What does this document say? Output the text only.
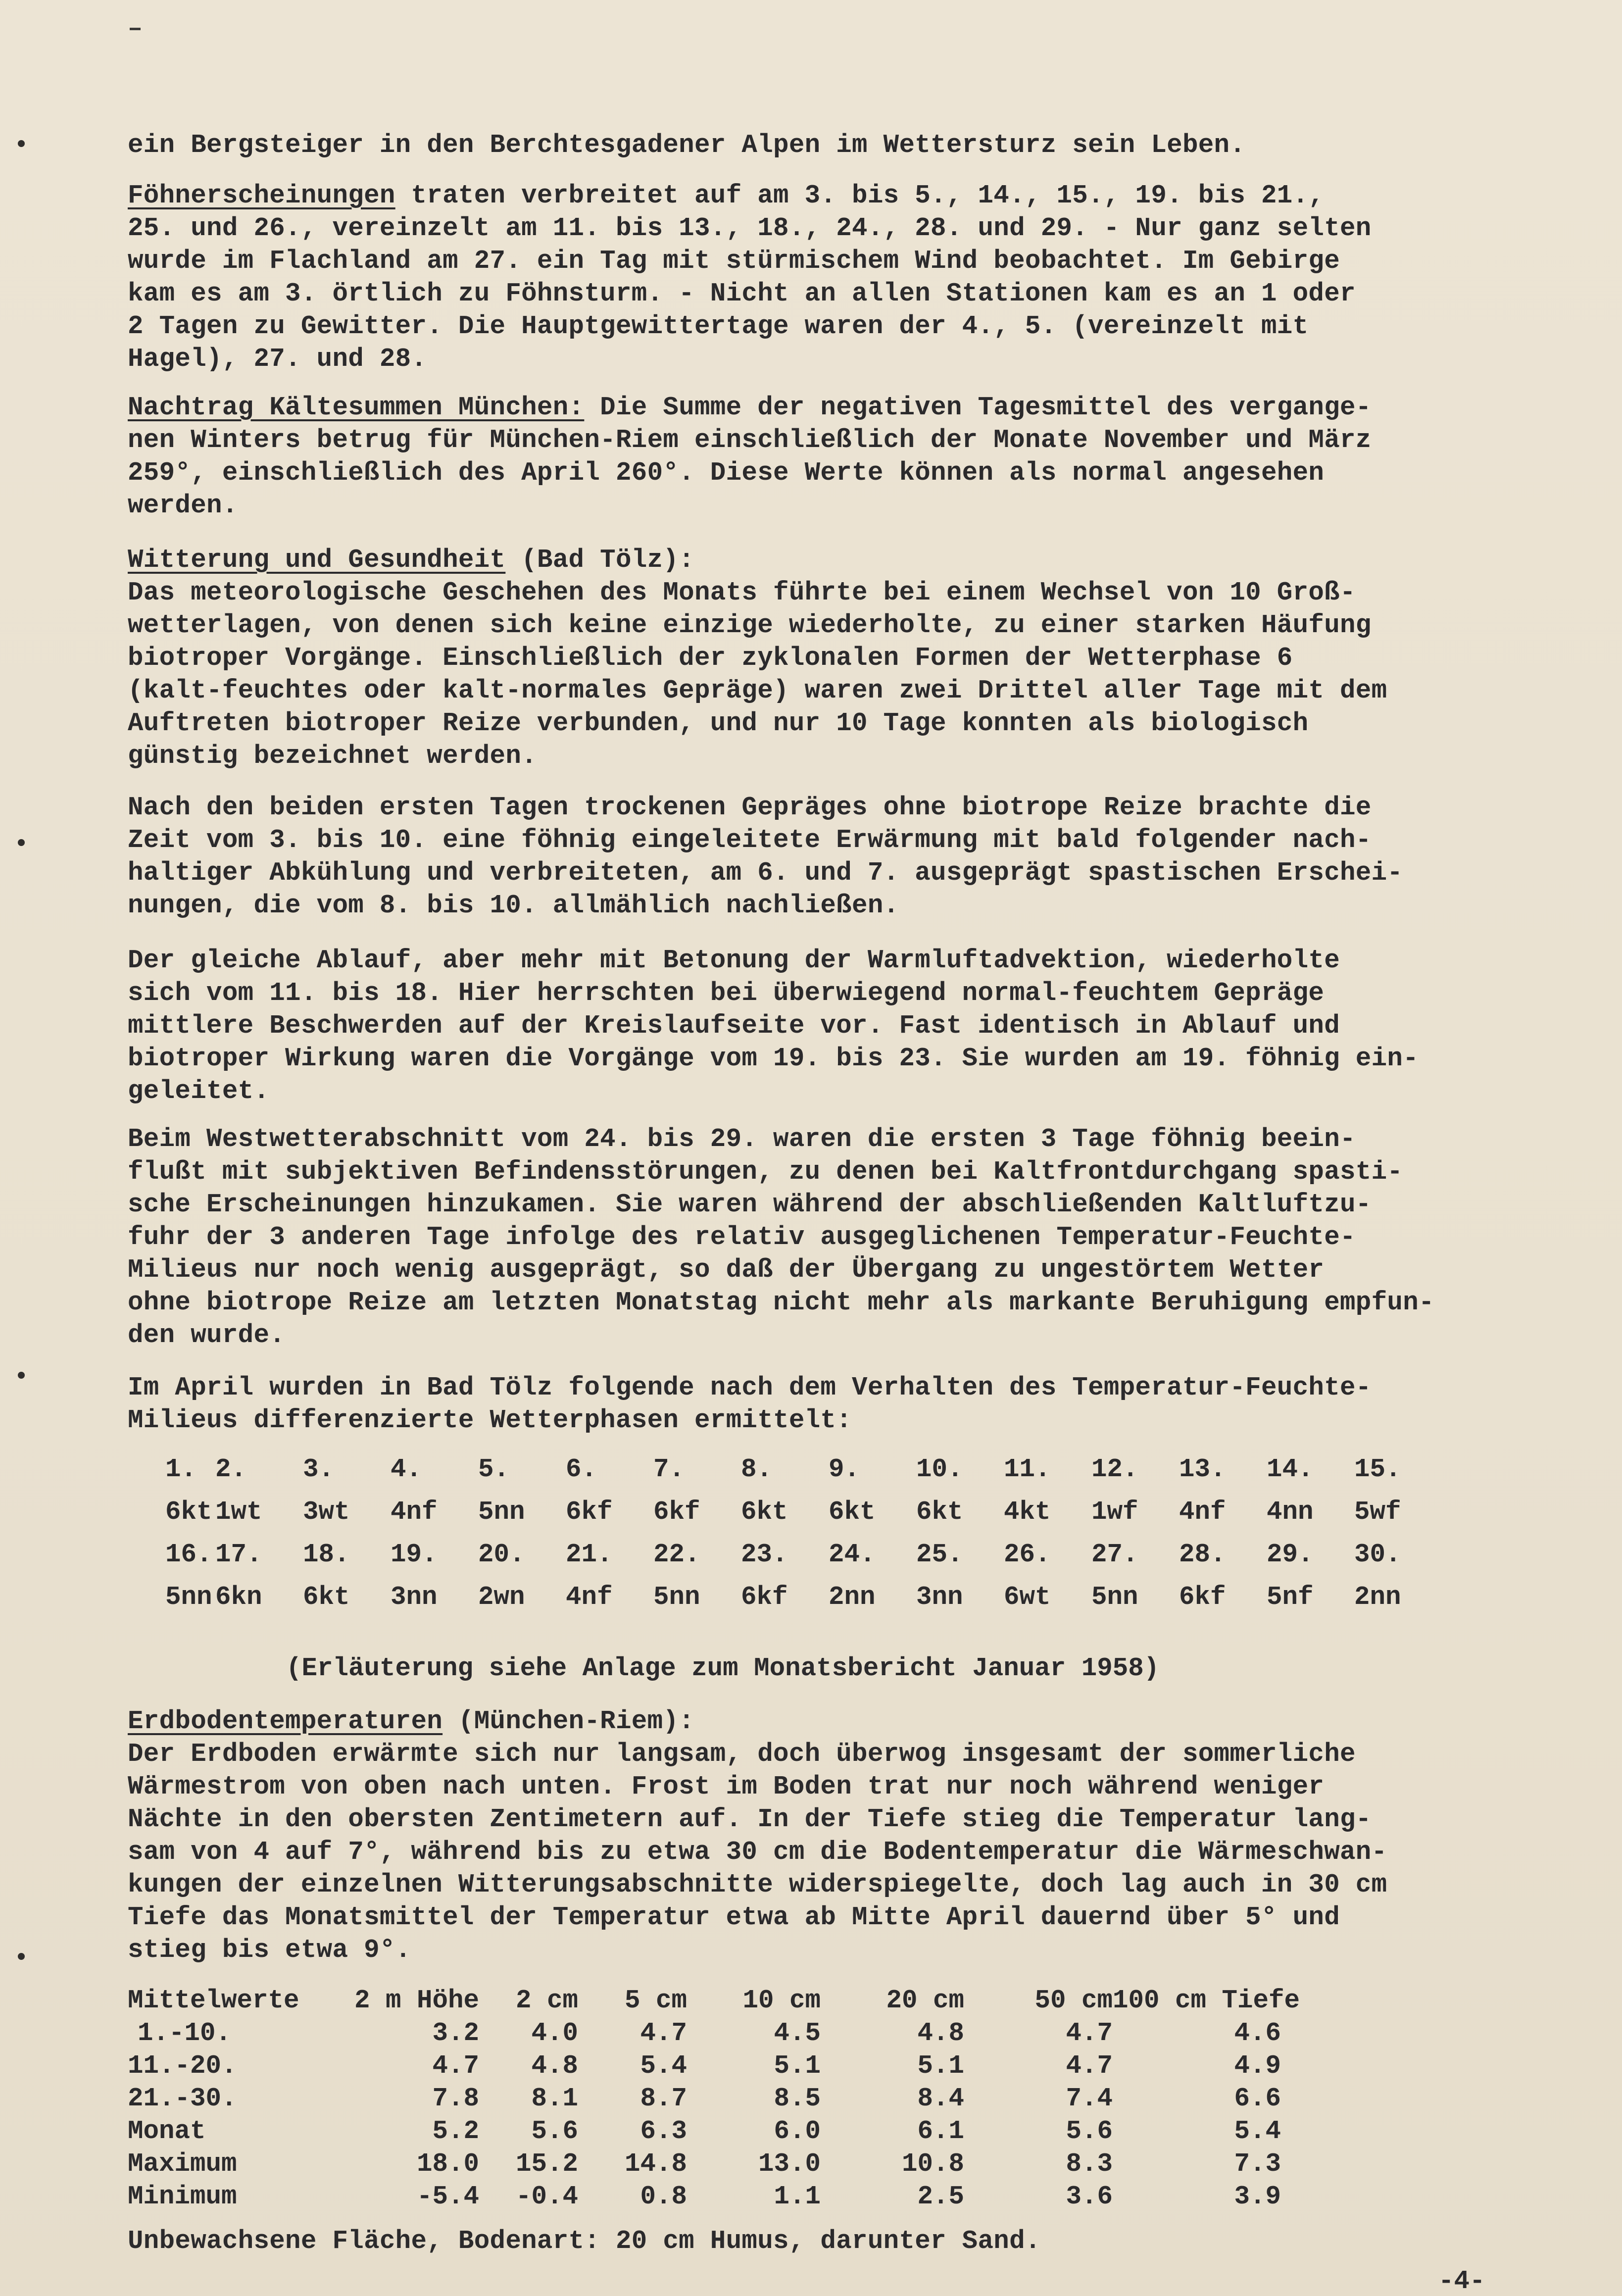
ein Bergsteiger in den Berchtesgadener Alpen im Wettersturz sein Leben.
Föhnerscheinungen traten verbreitet auf am 3. bis 5., 14., 15., 19. bis 21.,
25. und 26., vereinzelt am 11. bis 13., 18., 24., 28. und 29. - Nur ganz selten
wurde im Flachland am 27. ein Tag mit stürmischem Wind beobachtet. Im Gebirge
kam es am 3. örtlich zu Föhnsturm. - Nicht an allen Stationen kam es an 1 oder
2 Tagen zu Gewitter. Die Hauptgewittertage waren der 4., 5. (vereinzelt mit
Hagel), 27. und 28.
Nachtrag Kältesummen München: Die Summe der negativen Tagesmittel des vergange-
nen Winters betrug für München-Riem einschließlich der Monate November und März
259°, einschließlich des April 260°. Diese Werte können als normal angesehen
werden.
Witterung und Gesundheit (Bad Tölz):
Das meteorologische Geschehen des Monats führte bei einem Wechsel von 10 Groß-
wetterlagen, von denen sich keine einzige wiederholte, zu einer starken Häufung
biotroper Vorgänge. Einschließlich der zyklonalen Formen der Wetterphase 6
(kalt-feuchtes oder kalt-normales Gepräge) waren zwei Drittel aller Tage mit dem
Auftreten biotroper Reize verbunden, und nur 10 Tage konnten als biologisch
günstig bezeichnet werden.
Nach den beiden ersten Tagen trockenen Gepräges ohne biotrope Reize brachte die
Zeit vom 3. bis 10. eine föhnig eingeleitete Erwärmung mit bald folgender nach-
haltiger Abkühlung und verbreiteten, am 6. und 7. ausgeprägt spastischen Erschei-
nungen, die vom 8. bis 10. allmählich nachließen.
Der gleiche Ablauf, aber mehr mit Betonung der Warmluftadvektion, wiederholte
sich vom 11. bis 18. Hier herrschten bei überwiegend normal-feuchtem Gepräge
mittlere Beschwerden auf der Kreislaufseite vor. Fast identisch in Ablauf und
biotroper Wirkung waren die Vorgänge vom 19. bis 23. Sie wurden am 19. föhnig ein-
geleitet.
Beim Westwetterabschnitt vom 24. bis 29. waren die ersten 3 Tage föhnig beein-
flußt mit subjektiven Befindensstörungen, zu denen bei Kaltfrontdurchgang spasti-
sche Erscheinungen hinzukamen. Sie waren während der abschließenden Kaltluftzu-
fuhr der 3 anderen Tage infolge des relativ ausgeglichenen Temperatur-Feuchte-
Milieus nur noch wenig ausgeprägt, so daß der Übergang zu ungestörtem Wetter
ohne biotrope Reize am letzten Monatstag nicht mehr als markante Beruhigung empfun-
den wurde.
Im April wurden in Bad Tölz folgende nach dem Verhalten des Temperatur-Feuchte-
Milieus differenzierte Wetterphasen ermittelt:
1. 2.	3.	4.	5.	6.	7.	8.	9.	10.	11.	12.	13.	14.	15.
6kt 1wt	3wt	4nf	5nn	6kf	6kf	6kt	6kt	6kt	4kt	1wf	4nf	4nn	5wf
16. 17.	18.	19.	20.	21.	22.	23.	24.	25.	26.	27.	28.	29.	30.
5nn 6kn	6kt	3nn	2wn	4nf	5nn	6kf	2nn	3nn	6wt	5nn	6kf	5nf	2nn
(Erläuterung siehe Anlage zum Monatsbericht Januar 1958)
Erdbodentemperaturen (München-Riem):
Der Erdboden erwärmte sich nur langsam, doch überwog insgesamt der sommerliche
Wärmestrom von oben nach unten. Frost im Boden trat nur noch während weniger
Nächte in den obersten Zentimetern auf. In der Tiefe stieg die Temperatur lang-
sam von 4 auf 7°, während bis zu etwa 30 cm die Bodentemperatur die Wärmeschwan-
kungen der einzelnen Witterungsabschnitte widerspiegelte, doch lag auch in 30 cm
Tiefe das Monatsmittel der Temperatur etwa ab Mitte April dauernd über 5° und
stieg bis etwa 9°.
Mittelwerte	2 m Höhe	2 cm	5 cm	10 cm	20 cm	50 cm 100 cm Tiefe
1.-10.	3.2	4.0	4.7	4.5	4.8	4.7	4.6
11.-20.	4.7	4.8	5.4	5.1	5.1	4.7	4.9
21.-30.	7.8	8.1	8.7	8.5	8.4	7.4	6.6
Monat	5.2	5.6	6.3	6.0	6.1	5.6	5.4
Maximum	18.0	15.2	14.8	13.0	10.8	8.3	7.3
Minimum	-5.4	-0.4	0.8	1.1	2.5	3.6	3.9
Unbewachsene Fläche, Bodenart: 20 cm Humus, darunter Sand.
-4-
